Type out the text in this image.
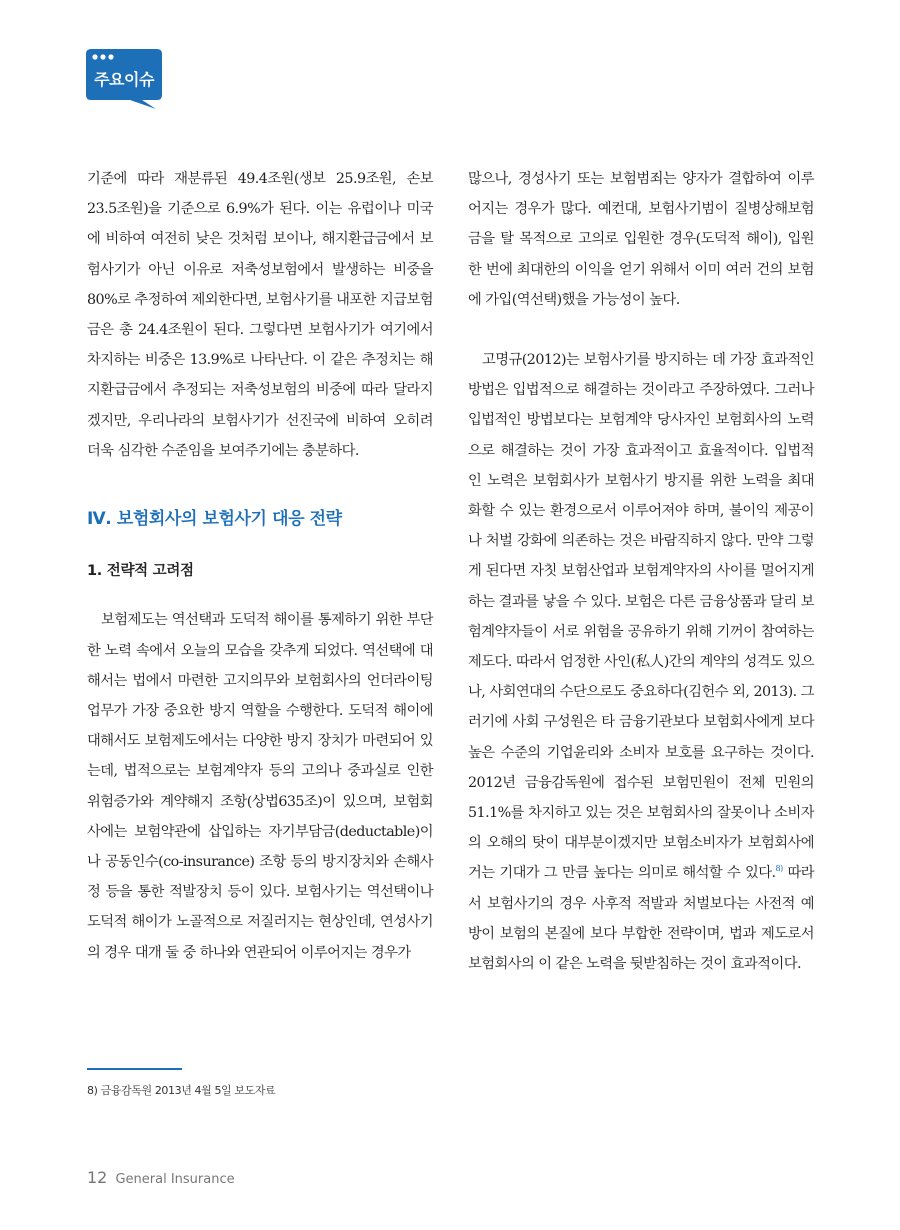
주요이슈

기준에 따라 재분류된 49.4조원(생보 25.9조원, 손보 23.5조원)을 기준으로 6.9%가 된다. 이는 유럽이나 미국에 비하여 여전히 낮은 것처럼 보이나, 해지환급금에서 보험사기가 아닌 이유로 저축성보험에서 발생하는 비중을 80%로 추정하여 제외한다면, 보험사기를 내포한 지급보험금은 총 24.4조원이 된다. 그렇다면 보험사기가 여기에서 차지하는 비중은 13.9%로 나타난다. 이 같은 추정치는 해지환급금에서 추정되는 저축성보험의 비중에 따라 달라지겠지만, 우리나라의 보험사기가 선진국에 비하여 오히려 더욱 심각한 수준임을 보여주기에는 충분하다.

Ⅳ. 보험회사의 보험사기 대응 전략
1. 전략적 고려점

보험제도는 역선택과 도덕적 해이를 통제하기 위한 부단한 노력 속에서 오늘의 모습을 갖추게 되었다. 역선택에 대해서는 법에서 마련한 고지의무와 보험회사의 언더라이팅 업무가 가장 중요한 방지 역할을 수행한다. 도덕적 해이에 대해서도 보험제도에서는 다양한 방지 장치가 마련되어 있는데, 법적으로는 보험계약자 등의 고의나 중과실로 인한 위험증가와 계약해지 조항(상법635조)이 있으며, 보험회사에는 보험약관에 삽입하는 자기부담금(deductable)이나 공동인수(co-insurance) 조항 등의 방지장치와 손해사정 등을 통한 적발장치 등이 있다. 보험사기는 역선택이나 도덕적 해이가 노골적으로 저질러지는 현상인데, 연성사기의 경우 대개 둘 중 하나와 연관되어 이루어지는 경우가

많으나, 경성사기 또는 보험범죄는 양자가 결합하여 이루어지는 경우가 많다. 예컨대, 보험사기범이 질병상해보험금을 탈 목적으로 고의로 입원한 경우(도덕적 해이), 입원 한 번에 최대한의 이익을 얻기 위해서 이미 여러 건의 보험에 가입(역선택)했을 가능성이 높다.

고명규(2012)는 보험사기를 방지하는 데 가장 효과적인 방법은 입법적으로 해결하는 것이라고 주장하였다. 그러나 입법적인 방법보다는 보험계약 당사자인 보험회사의 노력으로 해결하는 것이 가장 효과적이고 효율적이다. 입법적인 노력은 보험회사가 보험사기 방지를 위한 노력을 최대화할 수 있는 환경으로서 이루어져야 하며, 불이익 제공이나 처벌 강화에 의존하는 것은 바람직하지 않다. 만약 그렇게 된다면 자칫 보험산업과 보험계약자의 사이를 멀어지게 하는 결과를 낳을 수 있다. 보험은 다른 금융상품과 달리 보험계약자들이 서로 위험을 공유하기 위해 기꺼이 참여하는 제도다. 따라서 엄정한 사인(私人)간의 계약의 성격도 있으나, 사회연대의 수단으로도 중요하다(김헌수 외, 2013). 그러기에 사회 구성원은 타 금융기관보다 보험회사에게 보다 높은 수준의 기업윤리와 소비자 보호를 요구하는 것이다. 2012년 금융감독원에 접수된 보험민원이 전체 민원의 51.1%를 차지하고 있는 것은 보험회사의 잘못이나 소비자의 오해의 탓이 대부분이겠지만 보험소비자가 보험회사에 거는 기대가 그 만큼 높다는 의미로 해석할 수 있다.$^{8)}$ 따라서 보험사기의 경우 사후적 적발과 처벌보다는 사전적 예방이 보험의 본질에 보다 부합한 전략이며, 법과 제도로서 보험회사의 이 같은 노력을 뒷받침하는 것이 효과적이다.

8) 금융감독원 2013년 4월 5일 보도자료
12 General Insurance
